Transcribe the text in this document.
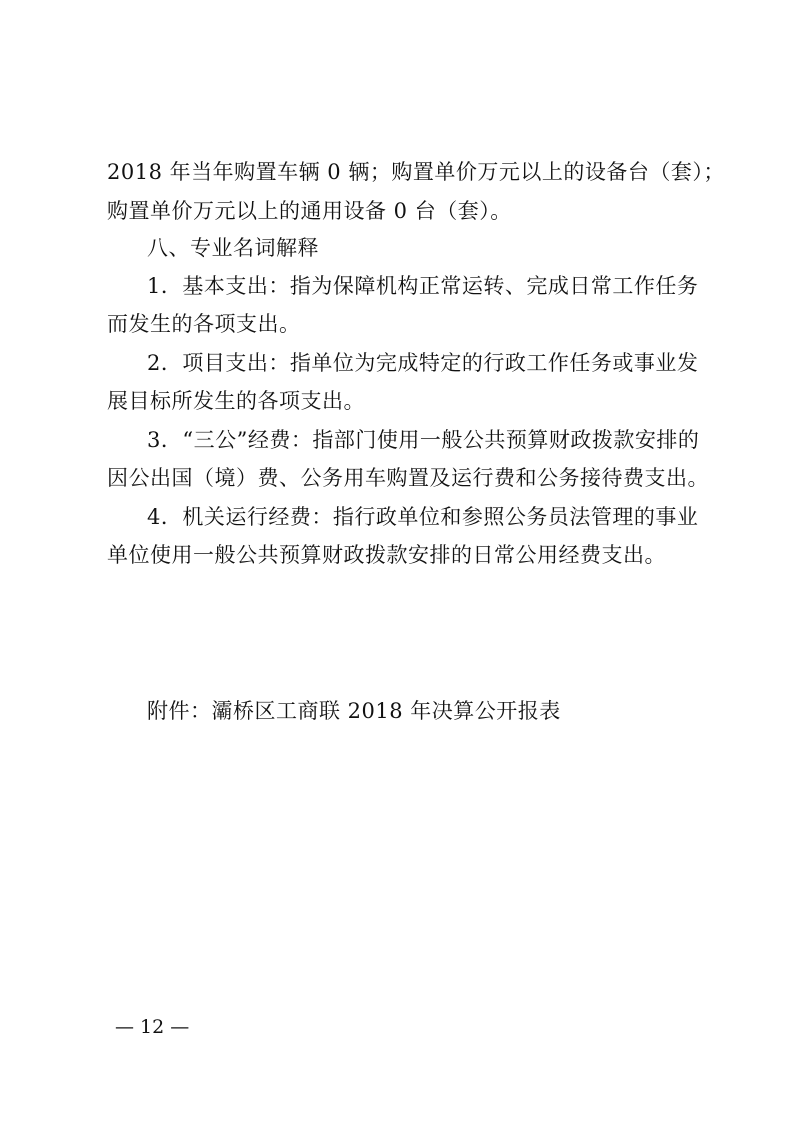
2018 年当年购置车辆 0 辆；购置单价万元以上的设备台（套）；
购置单价万元以上的通用设备 0 台（套）。
八、专业名词解释
1．基本支出：指为保障机构正常运转、完成日常工作任务
而发生的各项支出。
2．项目支出：指单位为完成特定的行政工作任务或事业发
展目标所发生的各项支出。
3．“三公”经费：指部门使用一般公共预算财政拨款安排的
因公出国（境）费、公务用车购置及运行费和公务接待费支出。
4．机关运行经费：指行政单位和参照公务员法管理的事业
单位使用一般公共预算财政拨款安排的日常公用经费支出。
附件：灞桥区工商联 2018 年决算公开报表
— 12 —
